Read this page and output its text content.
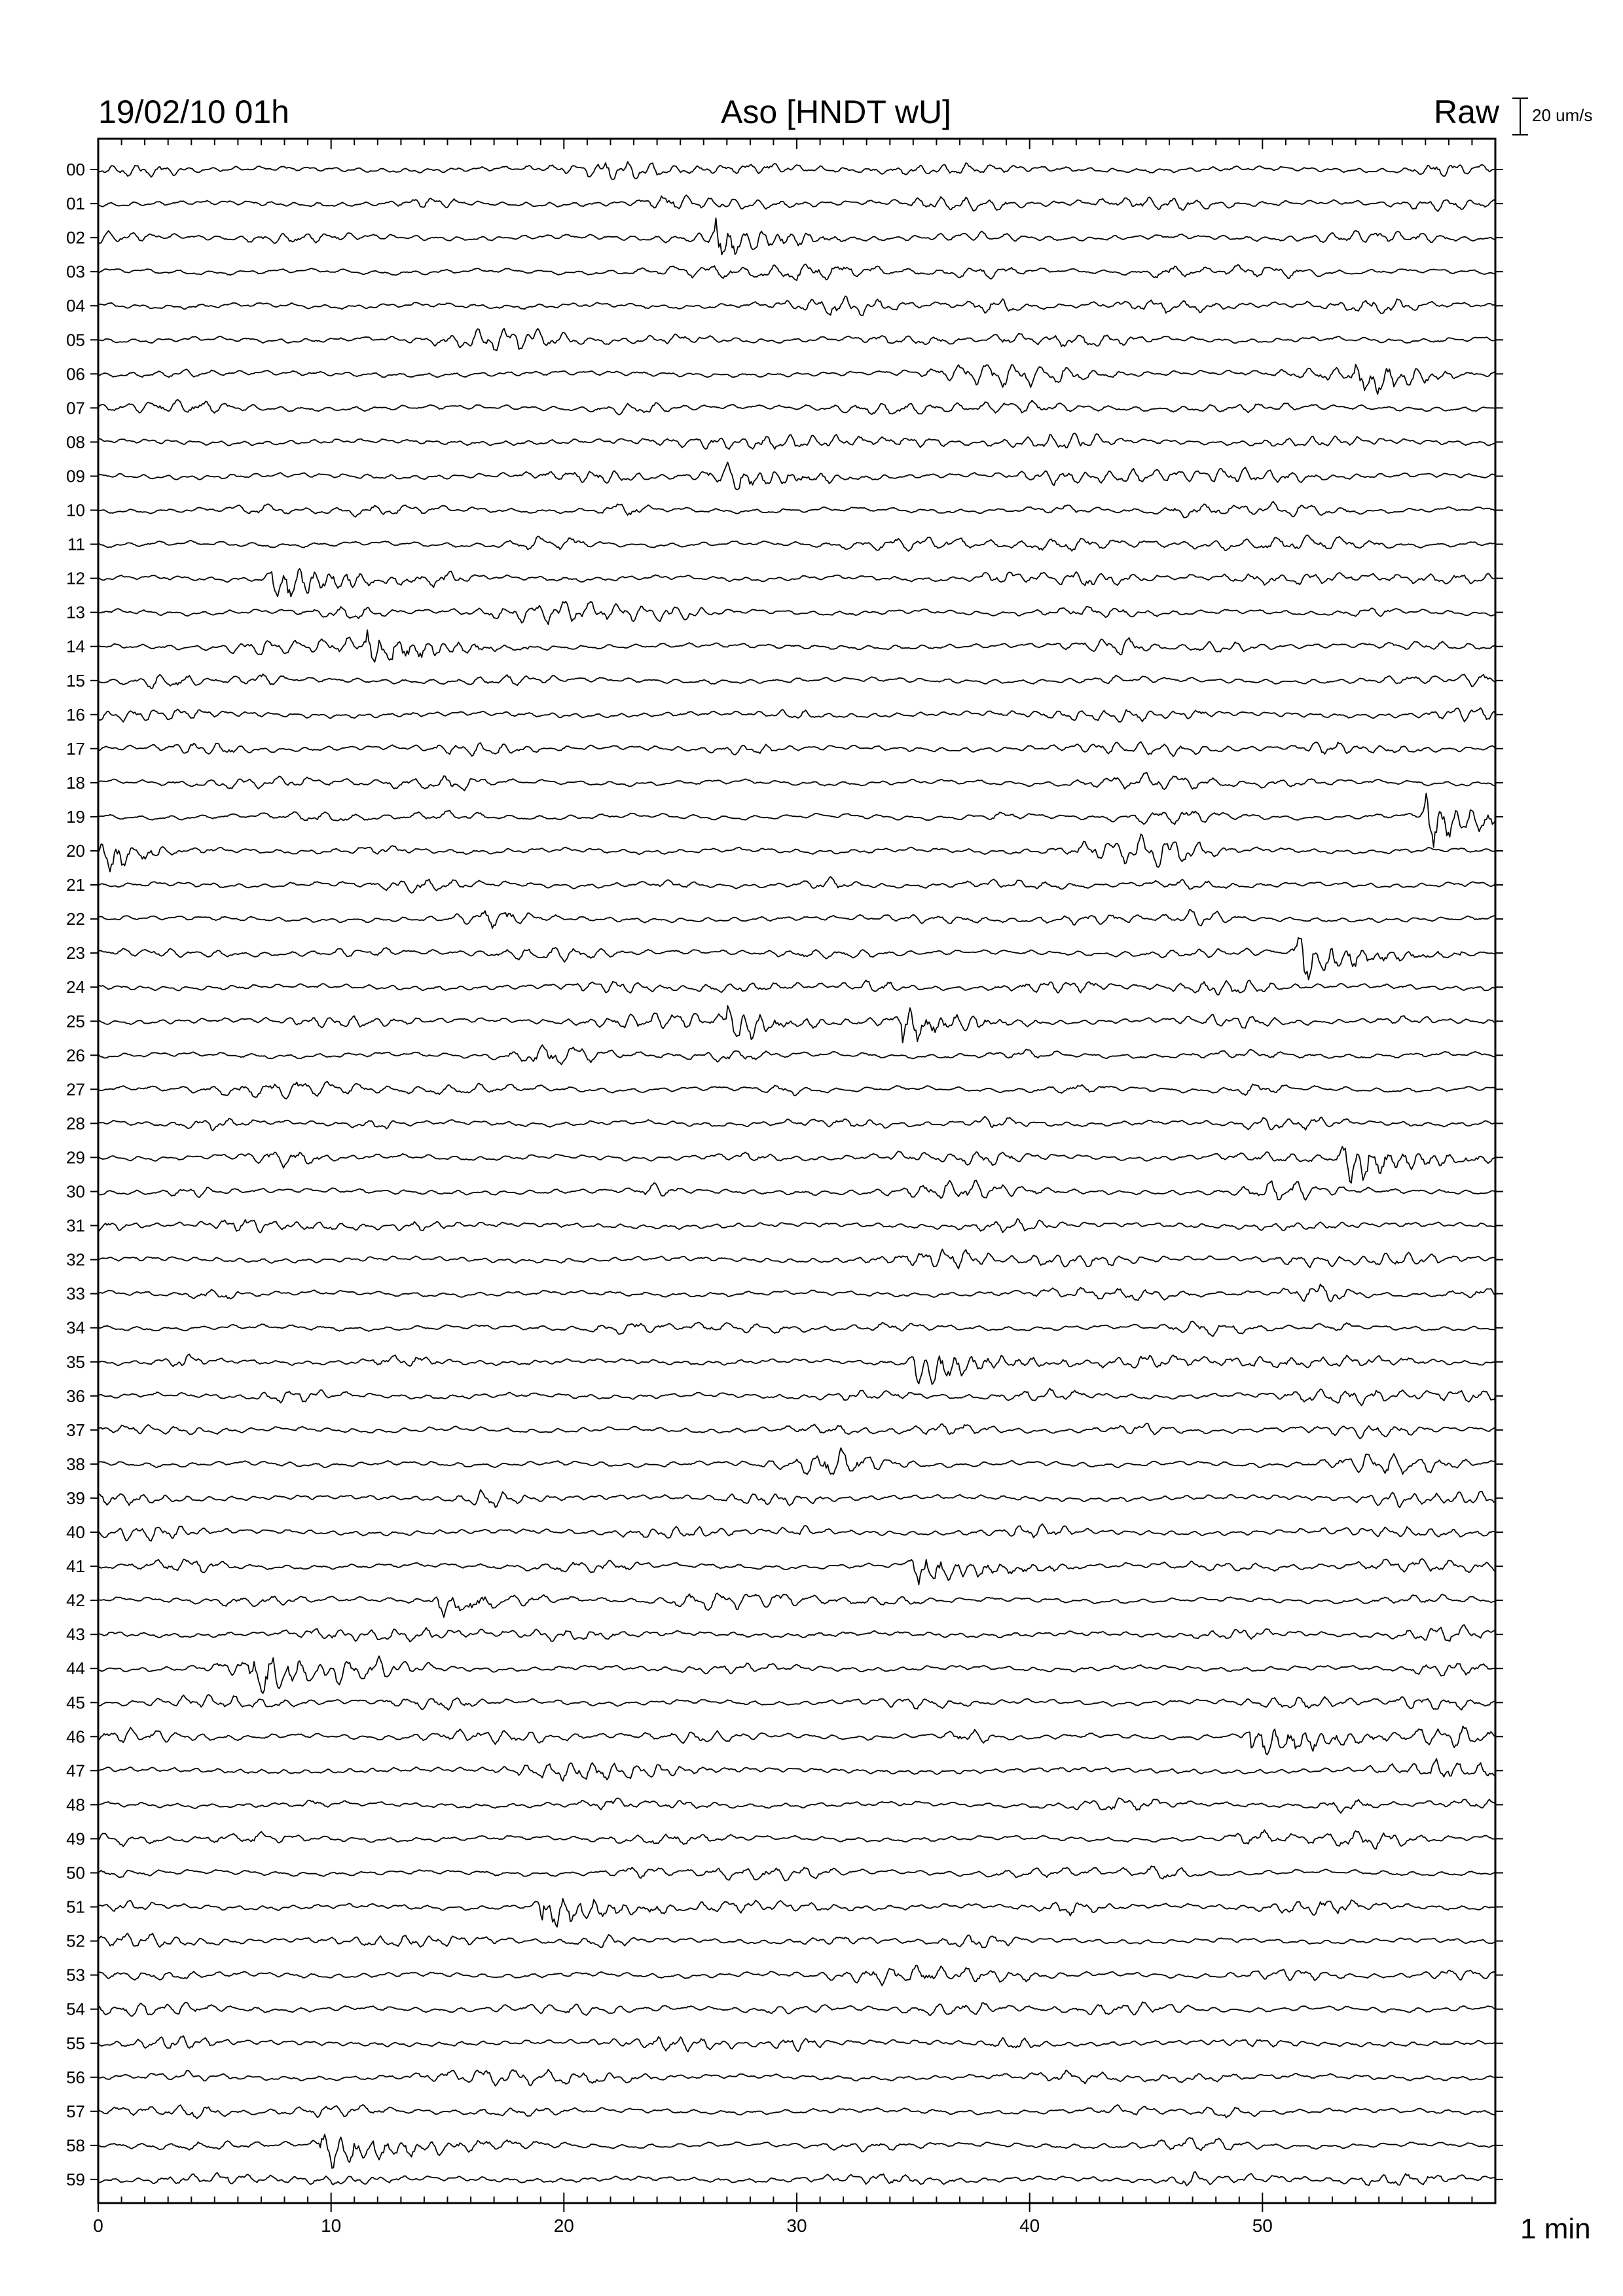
19/02/10 01h	Aso [HNDT wU]	Raw 20 um/s
00
01
02
03
04
05
06
07
08
09
10
11
12
13
14
15
16
17
18
19
20
21
22
23
24
25
26
27
28
29
30
31
32
33
34
35
36
37
38
39
40
41
42
43
44
45
46
47
48
49
50
51
52
53
54
55
56
57
58
59
0	10	20	30	40	50	1 min
